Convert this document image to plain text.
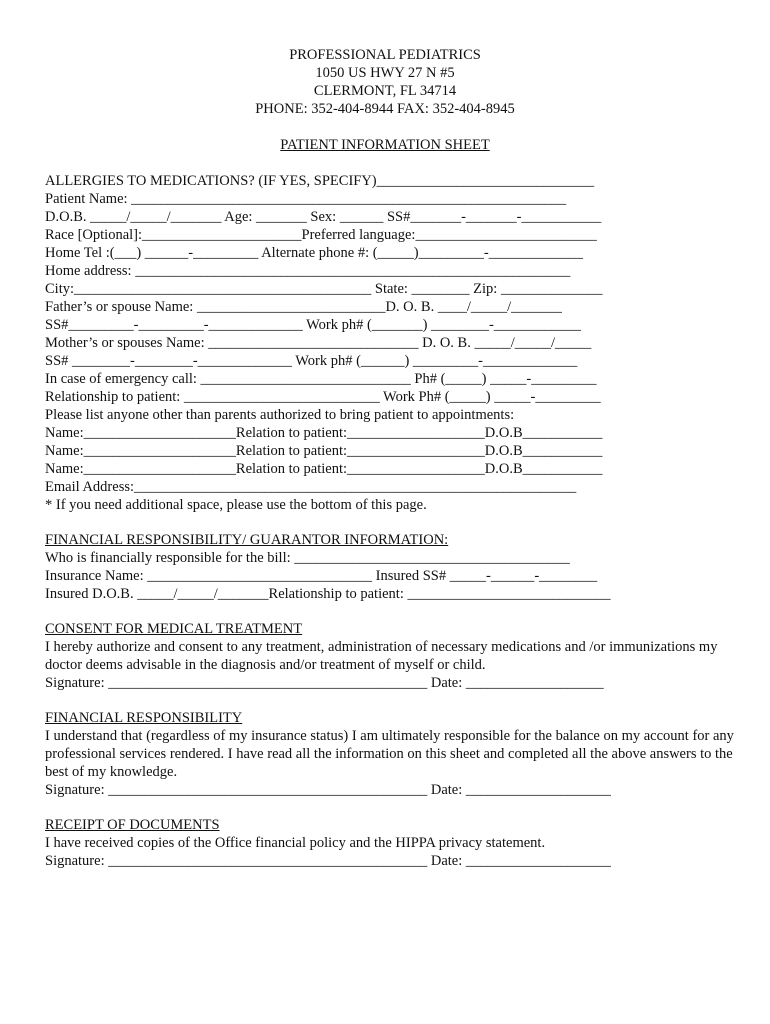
PROFESSIONAL PEDIATRICS
1050 US HWY 27 N #5
CLERMONT, FL 34714
PHONE: 352-404-8944 FAX: 352-404-8945
PATIENT INFORMATION SHEET
ALLERGIES TO MEDICATIONS? (IF YES, SPECIFY)______________________________
Patient Name: ____________________________________________________________
D.O.B. _____/_____/_______ Age: _______ Sex: ______ SS#_______-_______-___________
Race [Optional]:______________________Preferred language:_________________________
Home Tel :(___) ______-_________ Alternate phone #: (_____)_________-_____________
Home address: ____________________________________________________________
City:_________________________________________ State: ________ Zip: ______________
Father’s or spouse Name: __________________________D. O. B. ____/_____/_______
SS#_________-_________-_____________ Work ph# (_______) ________-____________
Mother’s or spouses Name: _____________________________ D. O. B. _____/_____/_____
SS# ________-________-_____________ Work ph# (______) _________-_____________
In case of emergency call: _____________________________ Ph# (_____) _____-_________
Relationship to patient: ___________________________ Work Ph# (_____) _____-_________
Please list anyone other than parents authorized to bring patient to appointments:
Name:_____________________Relation to patient:___________________D.O.B___________
Name:_____________________Relation to patient:___________________D.O.B___________
Name:_____________________Relation to patient:___________________D.O.B___________
Email Address:_____________________________________________________________
* If you need additional space, please use the bottom of this page.
FINANCIAL RESPONSIBILITY/ GUARANTOR INFORMATION:
Who is financially responsible for the bill: ______________________________________
Insurance Name: _______________________________ Insured SS# _____-______-________
Insured D.O.B. _____/_____/_______Relationship to patient: ____________________________
CONSENT FOR MEDICAL TREATMENT
I hereby authorize and consent to any treatment, administration of necessary medications and /or immunizations my doctor deems advisable in the diagnosis and/or treatment of myself or child.
Signature: ____________________________________________ Date: ___________________
FINANCIAL RESPONSIBILITY
I understand that (regardless of my insurance status) I am ultimately responsible for the balance on my account for any professional services rendered. I have read all the information on this sheet and completed all the above answers to the best of my knowledge.
Signature: ____________________________________________ Date: ____________________
RECEIPT OF DOCUMENTS
I have received copies of the Office financial policy and the HIPPA privacy statement.
Signature: ____________________________________________ Date: ____________________
